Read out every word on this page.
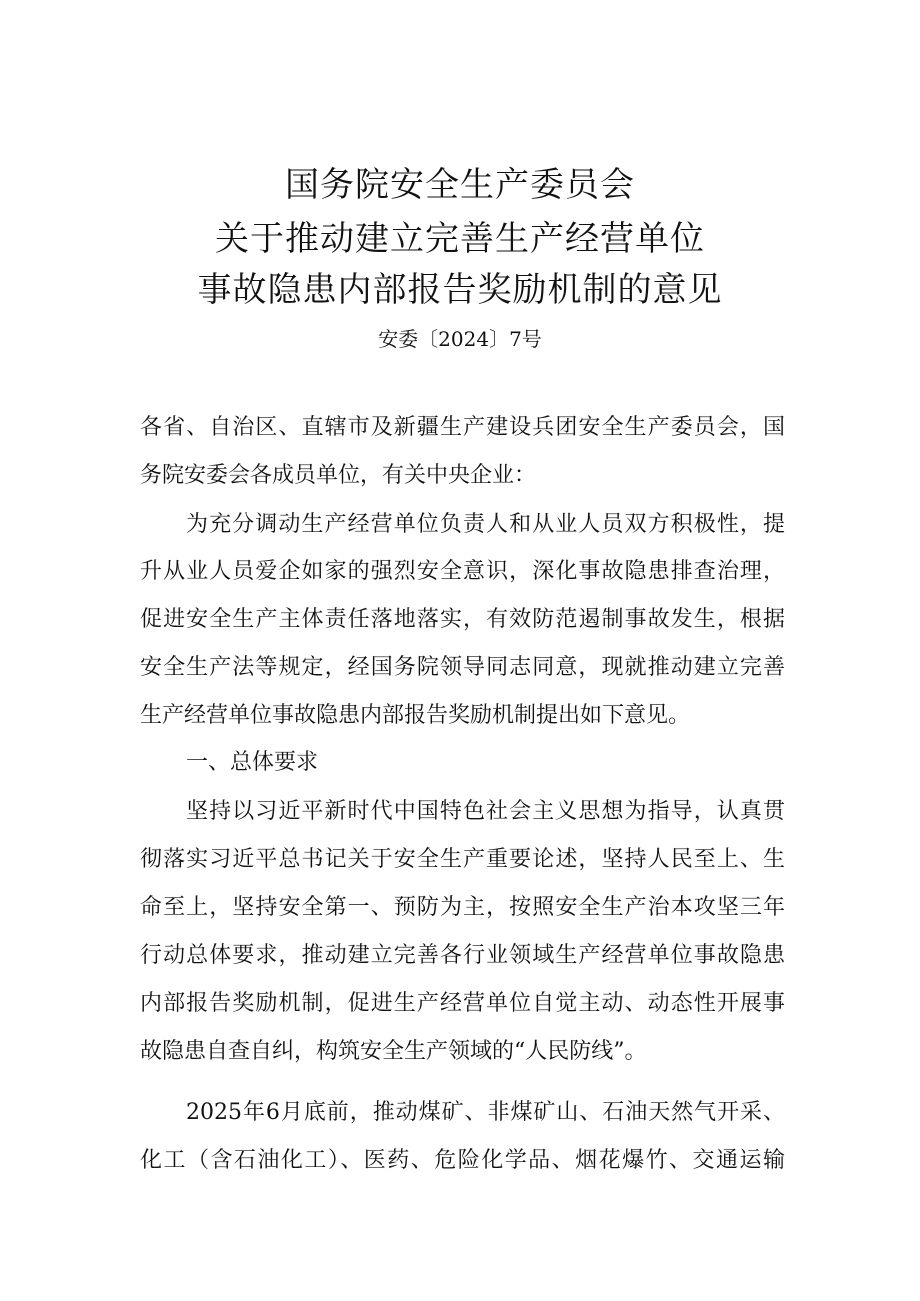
国务院安全生产委员会
关于推动建立完善生产经营单位
事故隐患内部报告奖励机制的意见
安委〔2024〕7号
各省、自治区、直辖市及新疆生产建设兵团安全生产委员会，国
务院安委会各成员单位，有关中央企业：
为充分调动生产经营单位负责人和从业人员双方积极性，提
升从业人员爱企如家的强烈安全意识，深化事故隐患排查治理，
促进安全生产主体责任落地落实，有效防范遏制事故发生，根据
安全生产法等规定，经国务院领导同志同意，现就推动建立完善
生产经营单位事故隐患内部报告奖励机制提出如下意见。
一、总体要求
坚持以习近平新时代中国特色社会主义思想为指导，认真贯
彻落实习近平总书记关于安全生产重要论述，坚持人民至上、生
命至上，坚持安全第一、预防为主，按照安全生产治本攻坚三年
行动总体要求，推动建立完善各行业领域生产经营单位事故隐患
内部报告奖励机制，促进生产经营单位自觉主动、动态性开展事
故隐患自查自纠，构筑安全生产领域的“人民防线”。
2025年6月底前，推动煤矿、非煤矿山、石油天然气开采、
化工（含石油化工）、医药、危险化学品、烟花爆竹、交通运输
